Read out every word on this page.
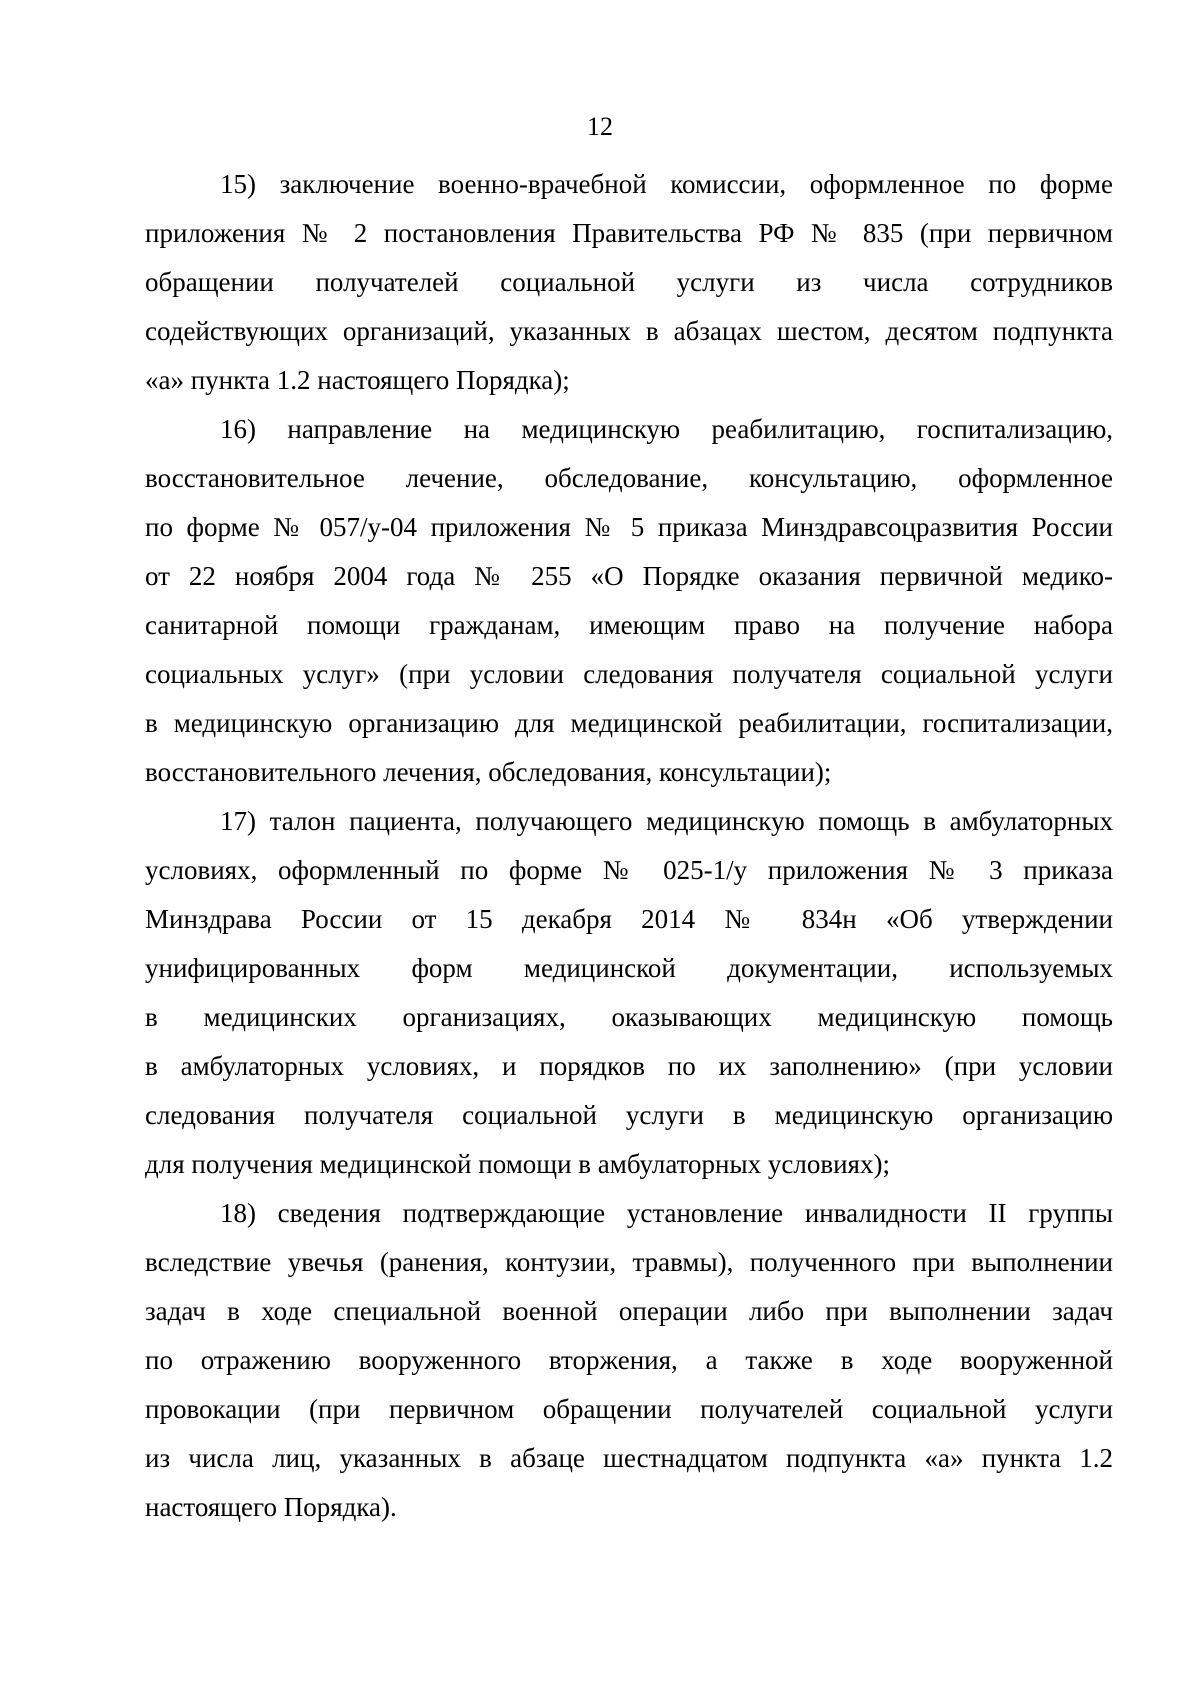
12
15) заключение военно-врачебной комиссии, оформленное по форме
приложения № 2 постановления Правительства РФ № 835 (при первичном
обращении получателей социальной услуги из числа сотрудников
содействующих организаций, указанных в абзацах шестом, десятом подпункта
«а» пункта 1.2 настоящего Порядка);
16) направление на медицинскую реабилитацию, госпитализацию,
восстановительное лечение, обследование, консультацию, оформленное
по форме № 057/у-04 приложения № 5 приказа Минздравсоцразвития России
от 22 ноября 2004 года № 255 «О Порядке оказания первичной медико-
санитарной помощи гражданам, имеющим право на получение набора
социальных услуг» (при условии следования получателя социальной услуги
в медицинскую организацию для медицинской реабилитации, госпитализации,
восстановительного лечения, обследования, консультации);
17) талон пациента, получающего медицинскую помощь в амбулаторных
условиях, оформленный по форме № 025-1/у приложения № 3 приказа
Минздрава России от 15 декабря 2014 № 834н «Об утверждении
унифицированных форм медицинской документации, используемых
в медицинских организациях, оказывающих медицинскую помощь
в амбулаторных условиях, и порядков по их заполнению» (при условии
следования получателя социальной услуги в медицинскую организацию
для получения медицинской помощи в амбулаторных условиях);
18) сведения подтверждающие установление инвалидности II группы
вследствие увечья (ранения, контузии, травмы), полученного при выполнении
задач в ходе специальной военной операции либо при выполнении задач
по отражению вооруженного вторжения, а также в ходе вооруженной
провокации (при первичном обращении получателей социальной услуги
из числа лиц, указанных в абзаце шестнадцатом подпункта «а» пункта 1.2
настоящего Порядка).
